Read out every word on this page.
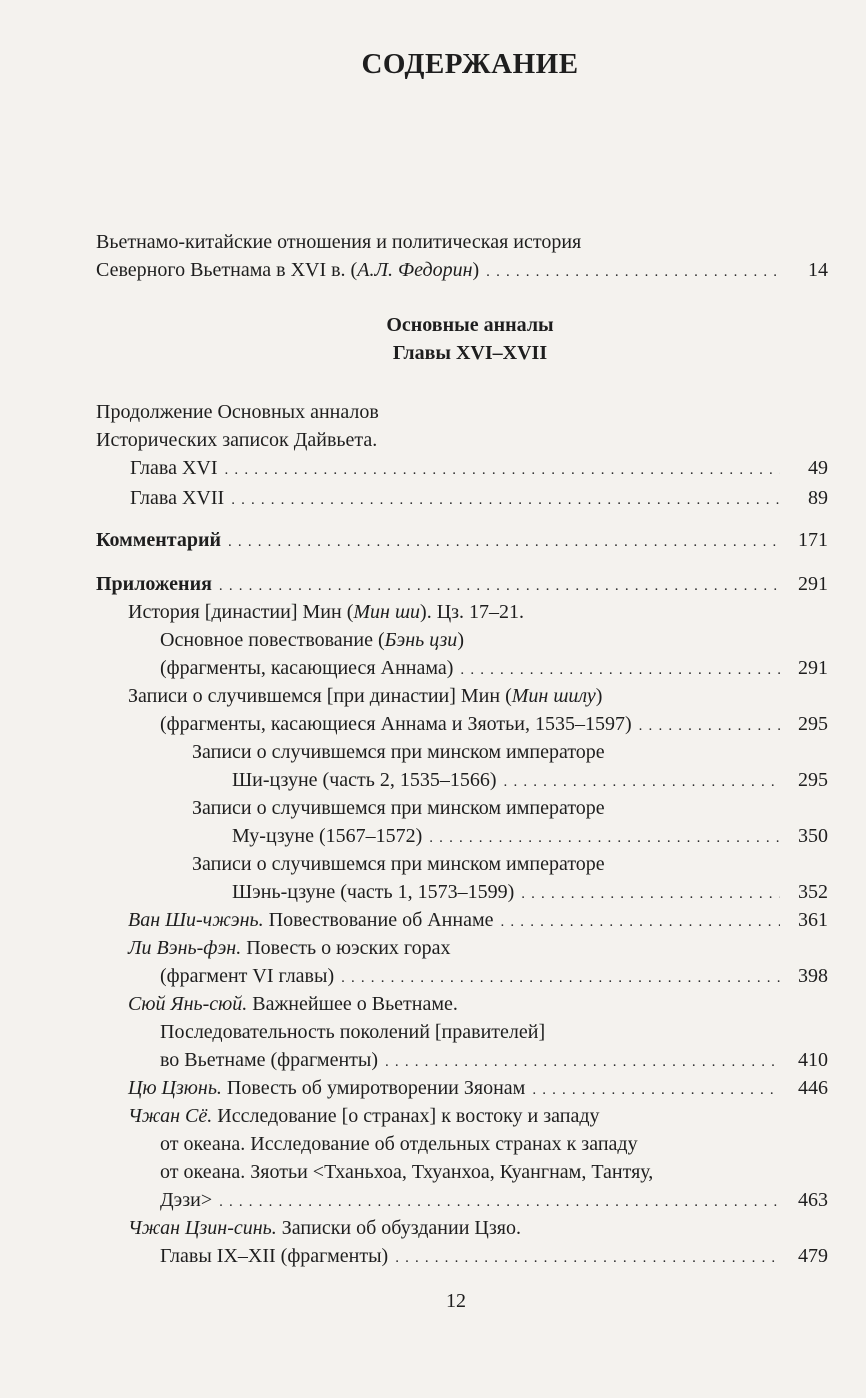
СОДЕРЖАНИЕ
Вьетнамо-китайские отношения и политическая история
Северного Вьетнама в XVI в. (А.Л. Федорин) . . .	14
Основные анналы
Главы XVI–XVII
Продолжение Основных анналов
Исторических записок Дайвьета.
Глава XVI . . .	49
Глава XVII . . .	89
Комментарий . . .	171
Приложения . . .	291
История [династии] Мин (Мин ши). Цз. 17–21.
Основное повествование (Бэнь цзи)
(фрагменты, касающиеся Аннама) . . .	291
Записи о случившемся [при династии] Мин (Мин шилу)
(фрагменты, касающиеся Аннама и Зяотьи, 1535–1597) . . .	295
Записи о случившемся при минском императоре
Ши-цзуне (часть 2, 1535–1566) . . .	295
Записи о случившемся при минском императоре
Му-цзуне (1567–1572) . . .	350
Записи о случившемся при минском императоре
Шэнь-цзуне (часть 1, 1573–1599) . . .	352
Ван Ши-чжэнь. Повествование об Аннаме . . .	361
Ли Вэнь-фэн. Повесть о юэских горах
(фрагмент VI главы) . . .	398
Сюй Янь-сюй. Важнейшее о Вьетнаме.
Последовательность поколений [правителей]
во Вьетнаме (фрагменты) . . .	410
Цю Цзюнь. Повесть об умиротворении Зяонам . . .	446
Чжан Сё. Исследование [о странах] к востоку и западу
от океана. Исследование об отдельных странах к западу
от океана. Зяотьи <Тханьхоа, Тхуанхоа, Куангнам, Тантяу,
Дэзи> . . .	463
Чжан Цзин-синь. Записки об обуздании Цзяо.
Главы IX–XII (фрагменты) . . .	479
12
